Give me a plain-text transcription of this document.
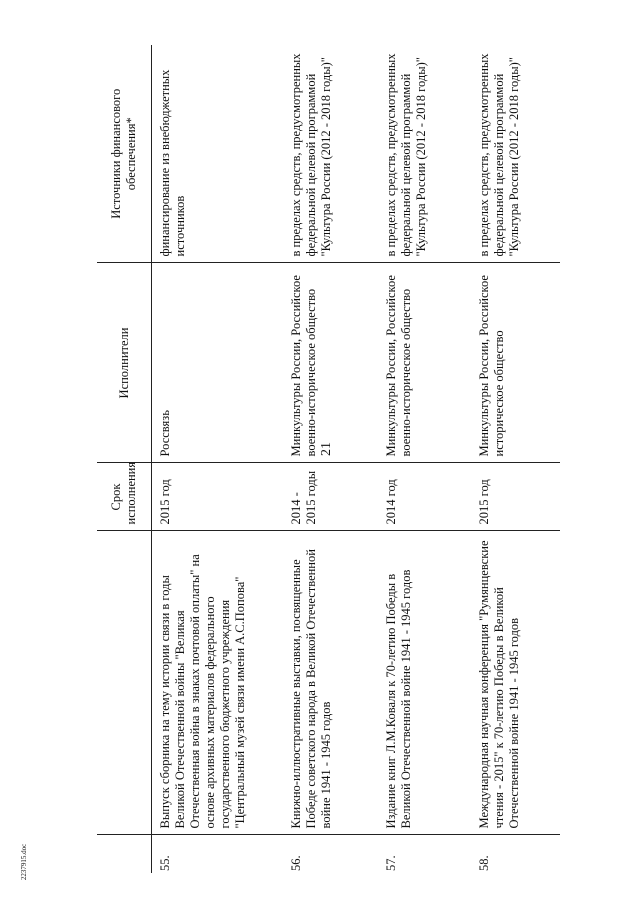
21
		Срок исполнения	Исполнители	Источники финансового обеспечения*
55.	Выпуск сборника на тему истории связи в годы Великой Отечественной войны "Великая Отечественная война в знаках почтовой оплаты" на основе архивных материалов федерального государственного бюджетного учреждения "Центральный музей связи имени А.С.Попова"	2015 год	Россвязь	финансирование из внебюджетных источников
56.	Книжно-иллюстративные выставки, посвященные Победе советского народа в Великой Отечественной войне 1941 - 1945 годов	2014 - 2015 годы	Минкультуры России, Российское военно-историческое общество	в пределах средств, предусмотренных федеральной целевой программой "Культура России (2012 - 2018 годы)"
57.	Издание книг Л.М.Коваля к 70-летию Победы в Великой Отечественной войне 1941 - 1945 годов	2014 год	Минкультуры России, Российское военно-историческое общество	в пределах средств, предусмотренных федеральной целевой программой "Культура России (2012 - 2018 годы)"
58.	Международная научная конференция "Румянцевские чтения - 2015" к 70-летию Победы в Великой Отечественной войне 1941 - 1945 годов	2015 год	Минкультуры России, Российское историческое общество	в пределах средств, предусмотренных федеральной целевой программой "Культура России (2012 - 2018 годы)"
2237915.doc
